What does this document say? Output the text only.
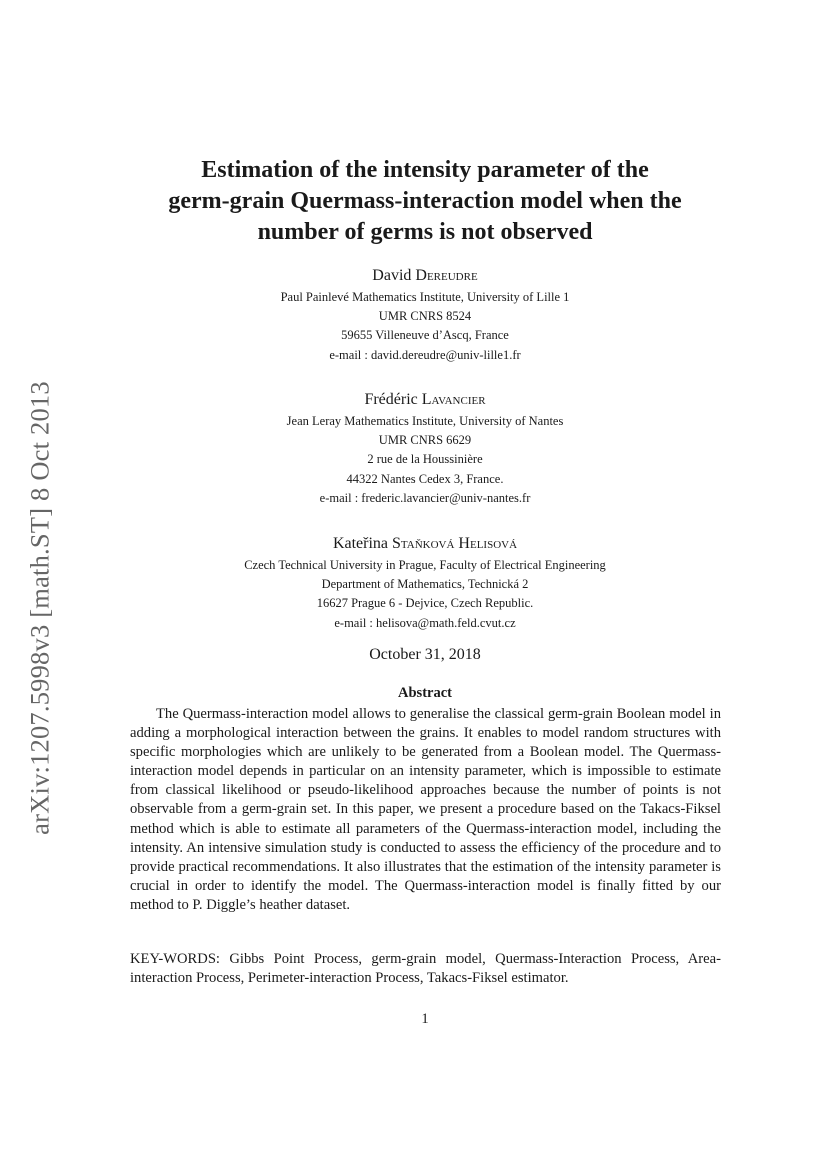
arXiv:1207.5998v3 [math.ST] 8 Oct 2013
Estimation of the intensity parameter of the
germ-grain Quermass-interaction model when the
number of germs is not observed
David Dereudre
Paul Painlevé Mathematics Institute, University of Lille 1
UMR CNRS 8524
59655 Villeneuve d’Ascq, France
e-mail : david.dereudre@univ-lille1.fr
Frédéric Lavancier
Jean Leray Mathematics Institute, University of Nantes
UMR CNRS 6629
2 rue de la Houssinière
44322 Nantes Cedex 3, France.
e-mail : frederic.lavancier@univ-nantes.fr
Kateřina Staňková Helisová
Czech Technical University in Prague, Faculty of Electrical Engineering
Department of Mathematics, Technická 2
16627 Prague 6 - Dejvice, Czech Republic.
e-mail : helisova@math.feld.cvut.cz
October 31, 2018
Abstract

The Quermass-interaction model allows to generalise the classical germ-grain Boolean model in adding a morphological interaction between the grains. It enables to model random structures with specific morphologies which are unlikely to be generated from a Boolean model. The Quermass-interaction model depends in particular on an intensity parameter, which is impossible to estimate from classical likelihood or pseudo-likelihood approaches because the number of points is not observable from a germ-grain set. In this paper, we present a procedure based on the Takacs-Fiksel method which is able to estimate all parameters of the Quermass-interaction model, including the intensity. An intensive simulation study is conducted to assess the efficiency of the procedure and to provide practical recommendations. It also illustrates that the estimation of the intensity parameter is crucial in order to identify the model. The Quermass-interaction model is finally fitted by our method to P. Diggle’s heather dataset.

KEY-WORDS: Gibbs Point Process, germ-grain model, Quermass-Interaction Process, Area-interaction Process, Perimeter-interaction Process, Takacs-Fiksel estimator.

1
